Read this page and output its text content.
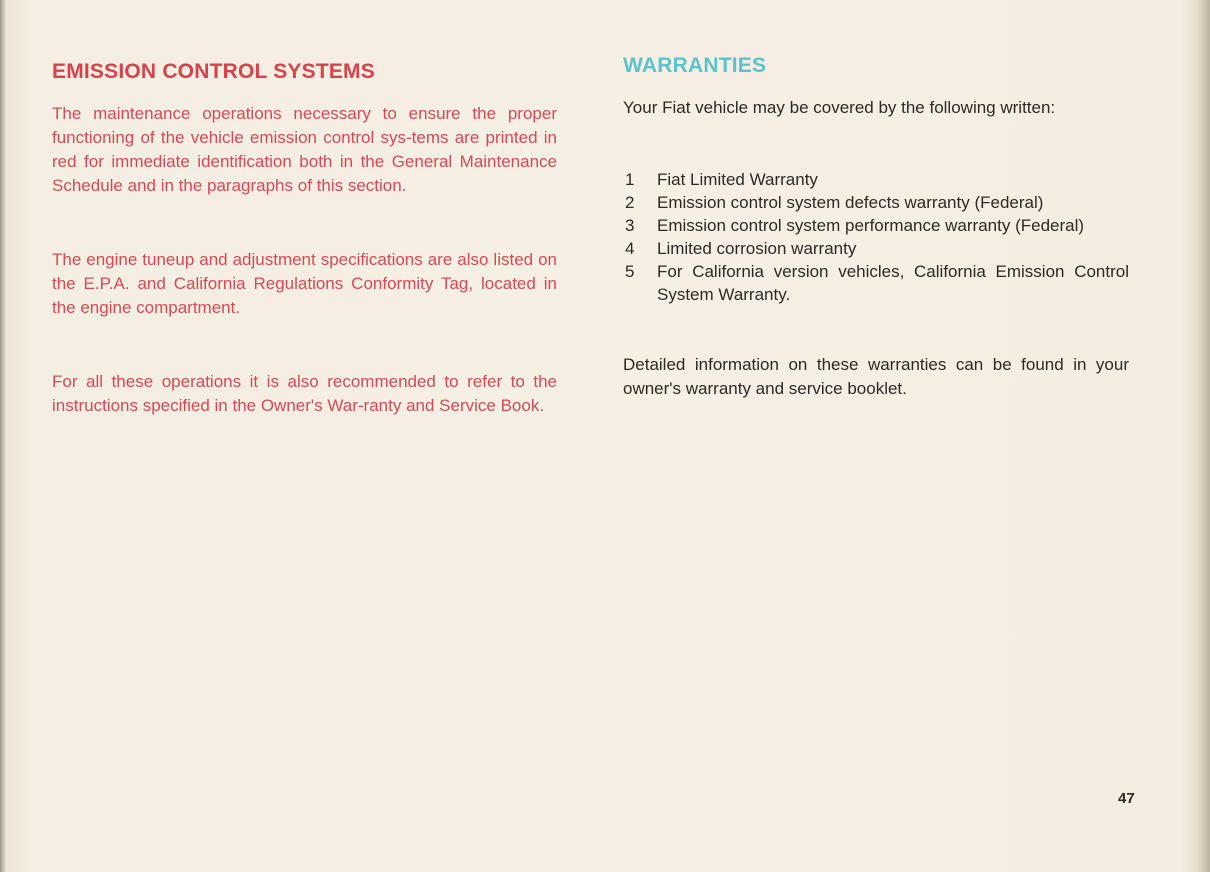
EMISSION CONTROL SYSTEMS

The maintenance operations necessary to ensure the proper functioning of the vehicle emission control sys-tems are printed in red for immediate identification both in the General Maintenance Schedule and in the paragraphs of this section.

The engine tuneup and adjustment specifications are also listed on the E.P.A. and California Regulations Conformity Tag, located in the engine compartment.

For all these operations it is also recommended to refer to the instructions specified in the Owner's War-ranty and Service Book.

WARRANTIES

Your Fiat vehicle may be covered by the following written:

1	Fiat Limited Warranty
2	Emission control system defects warranty (Federal)
3	Emission control system performance warranty (Federal)
4	Limited corrosion warranty
5	For California version vehicles, California Emission Control System Warranty.

Detailed information on these warranties can be found in your owner's warranty and service booklet.

47
